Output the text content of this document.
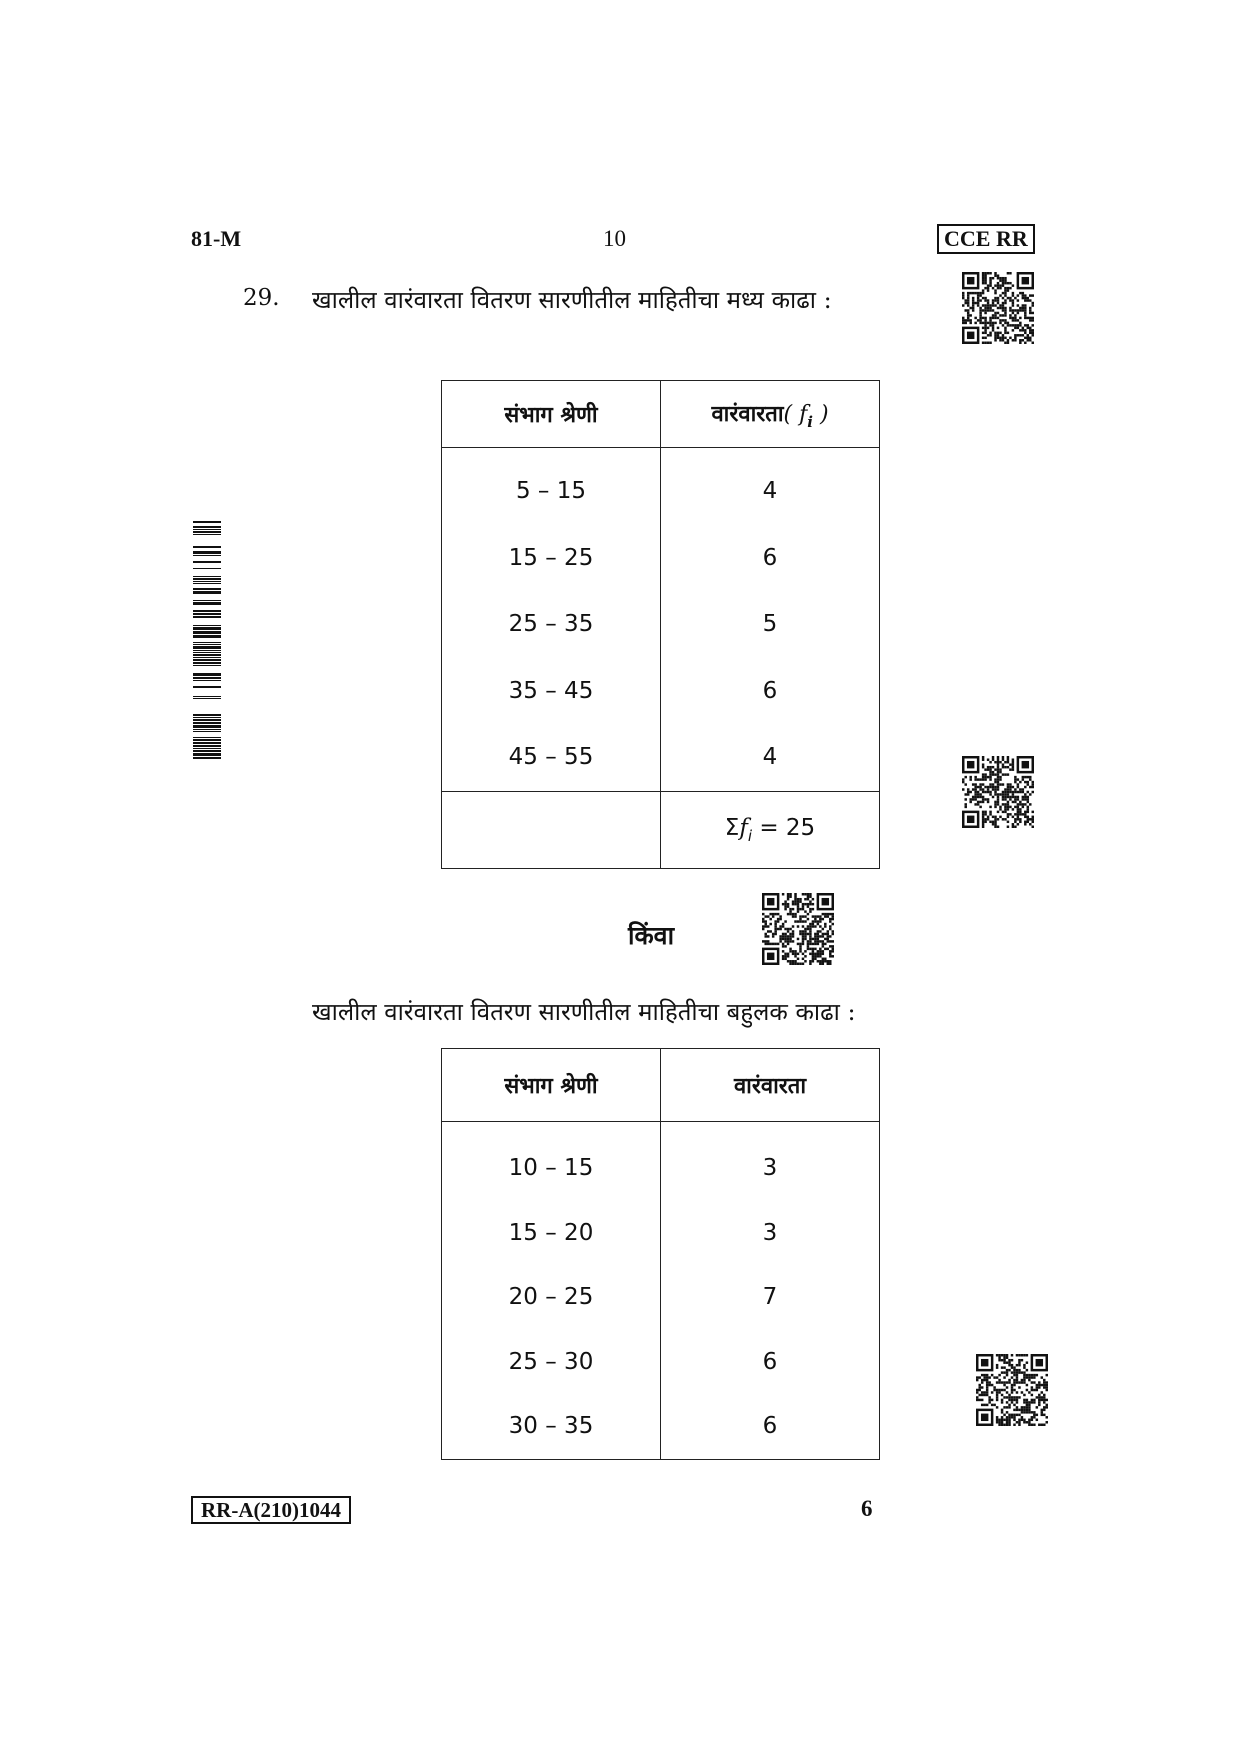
81-M	10	CCE RR
29. खालील वारंवारता वितरण सारणीतील माहितीचा मध्य काढा :
संभाग श्रेणी	वारंवारता( $f_i$ )
5 – 15	4
15 – 25	6
25 – 35	5
35 – 45	6
45 – 55	4
	$\Sigma f_i = 25$
किंवा
खालील वारंवारता वितरण सारणीतील माहितीचा बहुलक काढा :
संभाग श्रेणी	वारंवारता
10 – 15	3
15 – 20	3
20 – 25	7
25 – 30	6
30 – 35	6
RR-A(210)1044	6
